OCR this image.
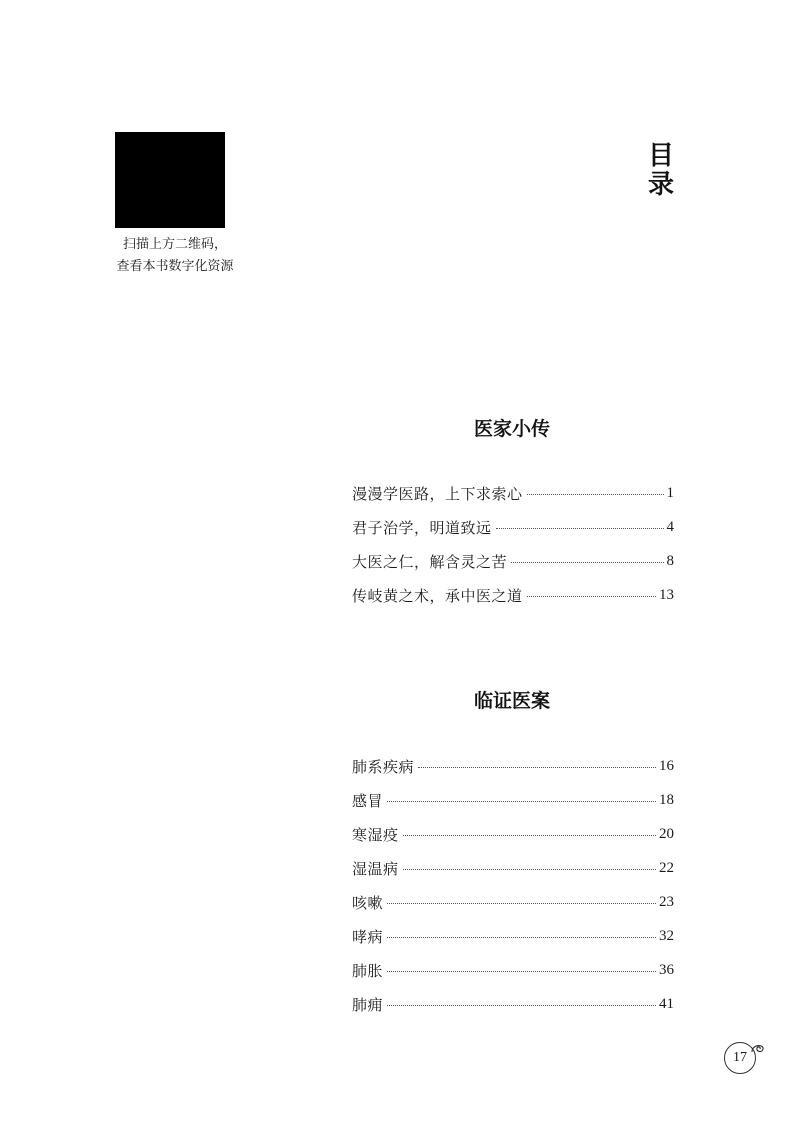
扫描上方二维码，
查看本书数字化资源
目
录
医家小传
漫漫学医路，上下求索心	1
君子治学，明道致远	4
大医之仁，解含灵之苦	8
传岐黄之术，承中医之道	13
临证医案
肺系疾病	16
感冒	18
寒湿疫	20
湿温病	22
咳嗽	23
哮病	32
肺胀	36
肺痈	41
17
